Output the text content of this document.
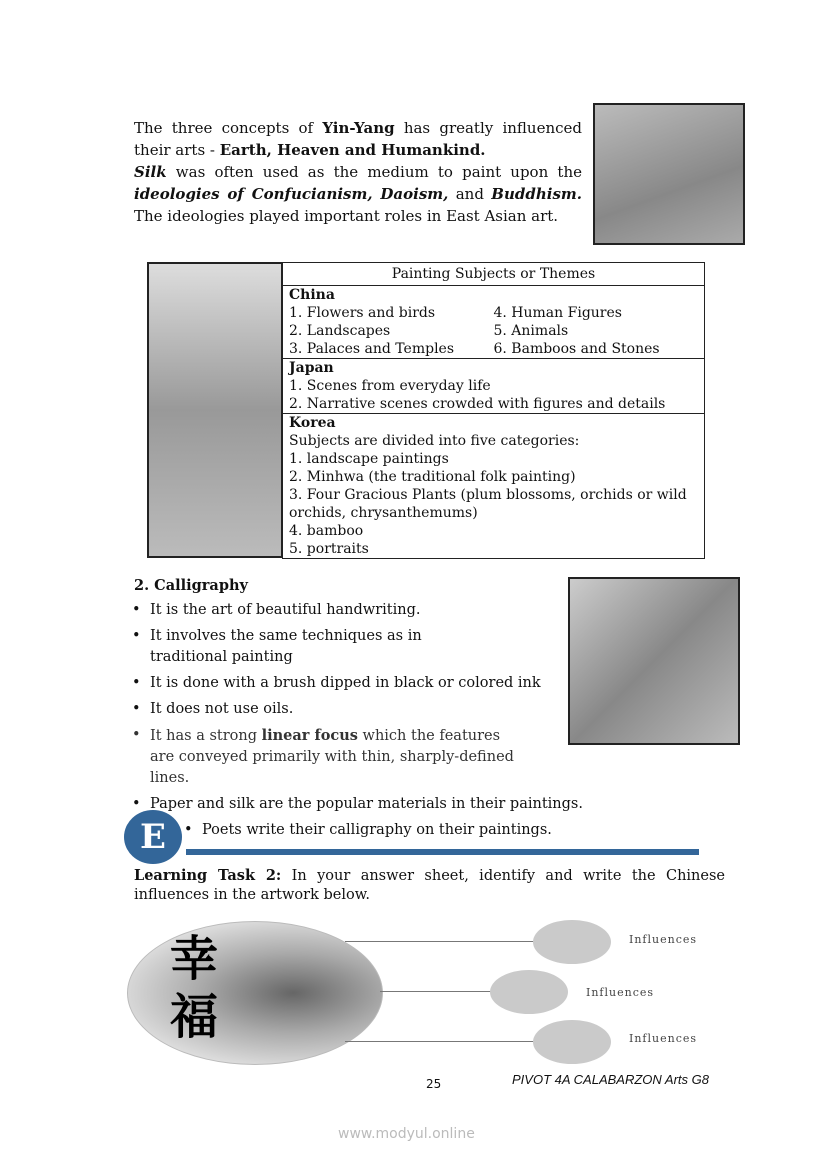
The three concepts of Yin-Yang has greatly influenced their arts - Earth, Heaven and Humankind.

Silk was often used as the medium to paint upon the ideologies of Confucianism, Daoism, and Buddhism. The ideologies played important roles in East Asian art.

Painting Subjects or Themes
China
1. Flowers and birds	4. Human Figures
2. Landscapes	5. Animals
3. Palaces and Temples	6. Bamboos and Stones

Japan
1. Scenes from everyday life
2. Narrative scenes crowded with figures and details

Korea
Subjects are divided into five categories:
1. landscape paintings
2. Minhwa (the traditional folk painting)
3. Four Gracious Plants (plum blossoms, orchids or wild orchids, chrysanthemums)
4. bamboo
5. portraits
2. Calligraphy
• It is the art of beautiful handwriting.
• It involves the same techniques as in traditional painting
• It is done with a brush dipped in black or colored ink
• It does not use oils.
• It has a strong linear focus which the features are conveyed primarily with thin, sharply-defined lines.
• Paper and silk are the popular materials in their paintings.
• Poets write their calligraphy on their paintings.
E
Learning Task 2: In your answer sheet, identify and write the Chinese influences in the artwork below.
幸福
Influences
Influences
Influences
25	PIVOT 4A CALABARZON Arts G8
www.modyul.online
